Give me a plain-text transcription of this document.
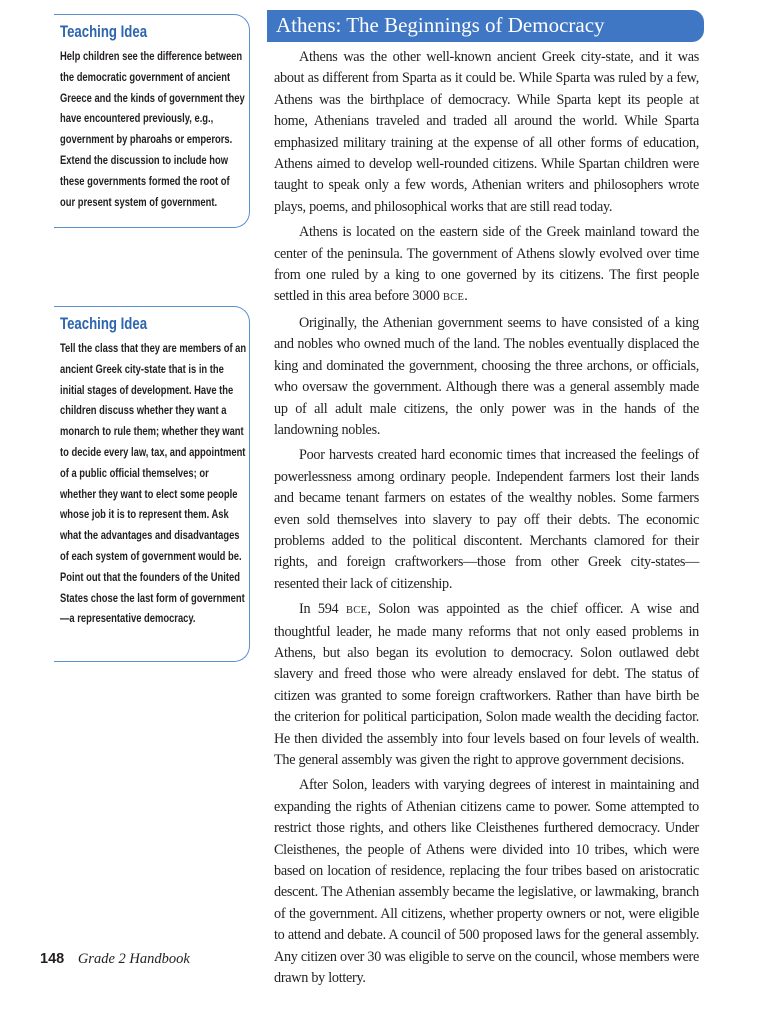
Teaching Idea

Help children see the difference between the democratic government of ancient Greece and the kinds of government they have encountered previously, e.g., government by pharoahs or emperors. Extend the discussion to include how these governments formed the root of our present system of government.

Teaching Idea

Tell the class that they are members of an ancient Greek city-state that is in the initial stages of development. Have the children discuss whether they want a monarch to rule them; whether they want to decide every law, tax, and appointment of a public official themselves; or whether they want to elect some people whose job it is to represent them. Ask what the advantages and disadvantages of each system of government would be. Point out that the founders of the United States chose the last form of government—a representative democracy.

Athens: The Beginnings of Democracy

Athens was the other well-known ancient Greek city-state, and it was about as different from Sparta as it could be. While Sparta was ruled by a few, Athens was the birthplace of democracy. While Sparta kept its people at home, Athenians traveled and traded all around the world. While Sparta emphasized military training at the expense of all other forms of education, Athens aimed to develop well-rounded citizens. While Spartan children were taught to speak only a few words, Athenian writers and philosophers wrote plays, poems, and philosophical works that are still read today.

Athens is located on the eastern side of the Greek mainland toward the center of the peninsula. The government of Athens slowly evolved over time from one ruled by a king to one governed by its citizens. The first people settled in this area before 3000 BCE.

Originally, the Athenian government seems to have consisted of a king and nobles who owned much of the land. The nobles eventually displaced the king and dominated the government, choosing the three archons, or officials, who oversaw the government. Although there was a general assembly made up of all adult male citizens, the only power was in the hands of the landowning nobles.

Poor harvests created hard economic times that increased the feelings of powerlessness among ordinary people. Independent farmers lost their lands and became tenant farmers on estates of the wealthy nobles. Some farmers even sold themselves into slavery to pay off their debts. The economic problems added to the political discontent. Merchants clamored for their rights, and foreign craftworkers—those from other Greek city-states—resented their lack of citizenship.

In 594 BCE, Solon was appointed as the chief officer. A wise and thoughtful leader, he made many reforms that not only eased problems in Athens, but also began its evolution to democracy. Solon outlawed debt slavery and freed those who were already enslaved for debt. The status of citizen was granted to some foreign craftworkers. Rather than have birth be the criterion for political participation, Solon made wealth the deciding factor. He then divided the assembly into four levels based on four levels of wealth. The general assembly was given the right to approve government decisions.

After Solon, leaders with varying degrees of interest in maintaining and expanding the rights of Athenian citizens came to power. Some attempted to restrict those rights, and others like Cleisthenes furthered democracy. Under Cleisthenes, the people of Athens were divided into 10 tribes, which were based on location of residence, replacing the four tribes based on aristocratic descent. The Athenian assembly became the legislative, or lawmaking, branch of the government. All citizens, whether property owners or not, were eligible to attend and debate. A council of 500 proposed laws for the general assembly. Any citizen over 30 was eligible to serve on the council, whose members were drawn by lottery.

148 Grade 2 Handbook
